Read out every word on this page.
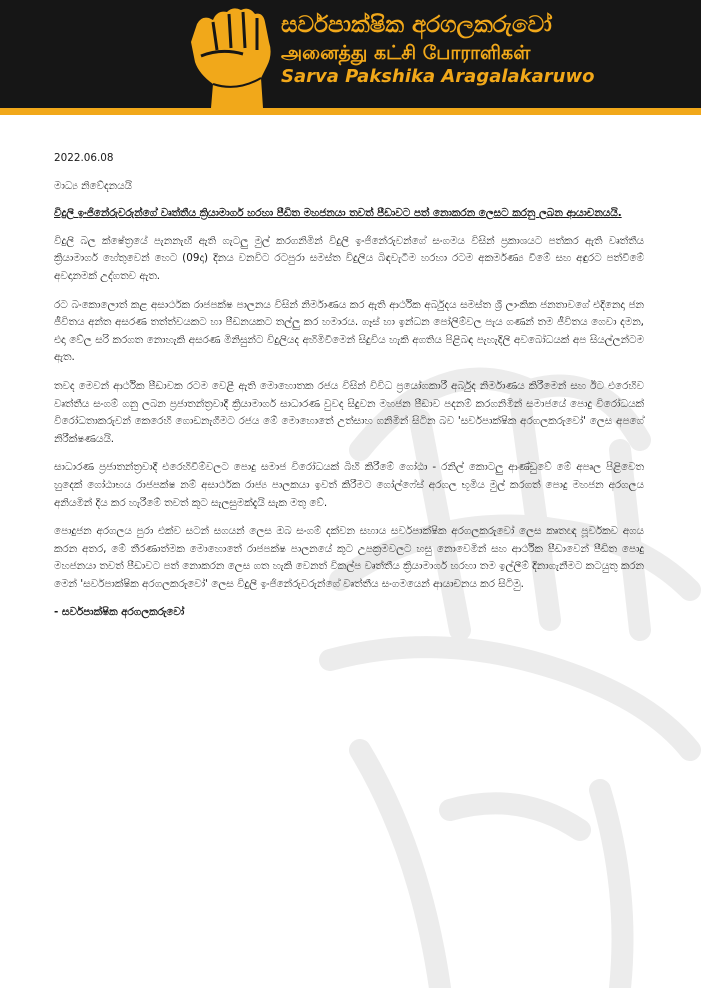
සර්වපාක්ෂික අරගලකරුවෝ
அனைத்து கட்சி போராளிகள்
Sarva Pakshika Aragalakaruwo

2022.06.08

මාධ්‍ය නිවේදනයයි

විදුලි ඉංජිනේරුවරුන්ගේ වෘත්තීය ක්‍රියාමාර්ග හරහා පීඩිත මහජනයා තවත් පීඩාවට පත් නොකරන ලෙසට කරනු ලබන ආයාචනයයි.

විදුලි බල ක්ෂේත්‍රයේ පැනනැඟී ඇති ගැටලු මුල් කරගනිමින් විදුලි ඉංජිනේරුවන්ගේ සංගමය විසින් ප්‍රකාශයට පත්කර ඇති වෘත්තීය ක්‍රියාමාර්ග හේතුවෙන් හෙට (09දා) දිනය වනවිට රටපුරා සමස්ත විදුලිය බිඳවැටීම හරහා රටම අකර්මණ්‍ය වීමේ සහ අඳුරට පත්වීමේ අවදානමක් උද්ගතව ඇත.

රට බංකොලොත් කළ අසාර්ථක රාජපක්ෂ පාලනය විසින් නිර්මාණය කර ඇති ආර්ථික අර්බුදය සමස්ත ශ්‍රී ලාංකික ජනතාවගේ එදිනෙදා ජන ජීවිතය අන්ත අසරණ තත්ත්වයකට හා පීඩනයකට තල්ලු කර හමාරය. ගෑස් හා ඉන්ධන පෝලිම්වල පැය ගණන් තම ජීවිතය ගෙවා දමන, එදා වේල සරි කරගත නොහැකි අසරණ මිනිසුන්ට විදුලියද අහිමිවීමෙන් සිදුවිය හැකි අගතිය පිළිබඳ පැහැදිලි අවබෝධයක් අප සියල්ලන්ටම ඇත.

තවද මෙවන් ආර්ථික පීඩාවක රටම වෙළී ඇති මොහොතක රජය විසින් විවිධ ප්‍රයෝගකාරී අර්බුද නිර්මාණය කිරීමෙන් සහ ඊට එරෙහිව වෘත්තීය සංගම් ගනු ලබන ප්‍රජාතන්ත්‍රවාදී ක්‍රියාමාර්ග සාධාරණ වුවද සිදුවන මහජන පීඩාව පදනම් කරගනිමින් සමාජයේ පොදු විරෝධයක් විරෝධතාකරුවන් කෙරෙහි ගොඩනැගීමට රජය මේ මොහොතේ උත්සාහ ගනිමින් සිටින බව 'සර්වපාක්ෂික අරගලකරුවෝ' ලෙස අපගේ නිරීක්ෂණයයි.

සාධාරණ ප්‍රජාතන්ත්‍රවාදී එරෙහිවීම්වලට පොදු සමාජ විරෝධයක් බිහි කිරීමේ ගෝඨා - රනිල් කොටලු ආණ්ඩුවේ මේ අප්‍රුල පිළිවෙත හුදෙක් ගෝඨාභය රාජපක්ෂ නම් අසාර්ථක රාජ්‍ය පාලකයා ඉවත් කිරීමට ගෝල්ෆේස් අරගල භූමිය මුල් කරගත් පොදු මහජන අරගලය අනියමින් දිය කර හැරීමේ තවත් කූට සැලසුමක්දැයි සැක මතු වේ.

පොදුජන අරගලය පුරා එක්ව සටන් සගයන් ලෙස ඔබ සංගම් දක්වන සහාය සර්වපාක්ෂික අරගලකරුවෝ ලෙස කෘතඥ පූර්වකව අගය කරන අතර, මේ තීරණාත්මක මොහොතේ රාජපක්ෂ පාලනයේ කූට උපක්‍රමවලට හසු නොවෙමින් සහ ආර්ථික පීඩාවෙන් පීඩිත පොදු මහජනයා තවත් පීඩාවට පත් නොකරන ලෙස ගත හැකි වෙනත් විකල්ප වෘත්තීය ක්‍රියාමාර්ග හරහා තම ඉල්ලීම් දිනාගැනීමට කටයුතු කරන මෙන් 'සර්වපාක්ෂික අරගලකරුවෝ' ලෙස විදුලි ඉංජිනේරුවරුන්ගේ වෘත්තීය සංගමයෙන් ආයාචනය කර සිටිමු.

- සර්වපාක්ෂික අරගලකරුවෝ
